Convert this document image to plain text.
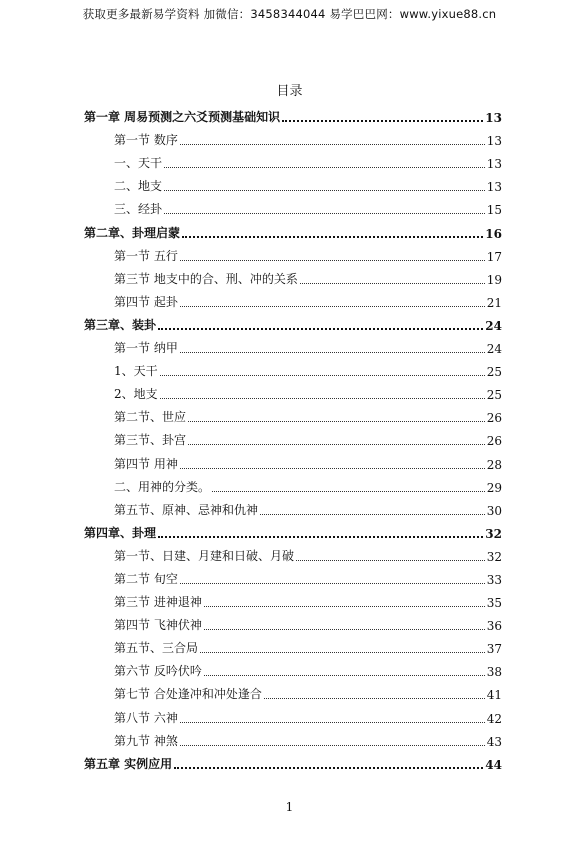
获取更多最新易学资料 加微信：3458344044 易学巴巴网：www.yixue88.cn
目录
第一章 周易预测之六爻预测基础知识	13
第一节 数序	13
一、天干	13
二、地支	13
三、经卦	15
第二章、卦理启蒙	16
第一节 五行	17
第三节 地支中的合、刑、冲的关系	19
第四节 起卦	21
第三章、装卦	24
第一节 纳甲	24
1、天干	25
2、地支	25
第二节、世应	26
第三节、卦宫	26
第四节 用神	28
二、用神的分类。	29
第五节、原神、忌神和仇神	30
第四章、卦理	32
第一节、日建、月建和日破、月破	32
第二节 旬空	33
第三节 进神退神	35
第四节 飞神伏神	36
第五节、三合局	37
第六节 反吟伏吟	38
第七节 合处逢冲和冲处逢合	41
第八节 六神	42
第九节 神煞	43
第五章 实例应用	44
1
